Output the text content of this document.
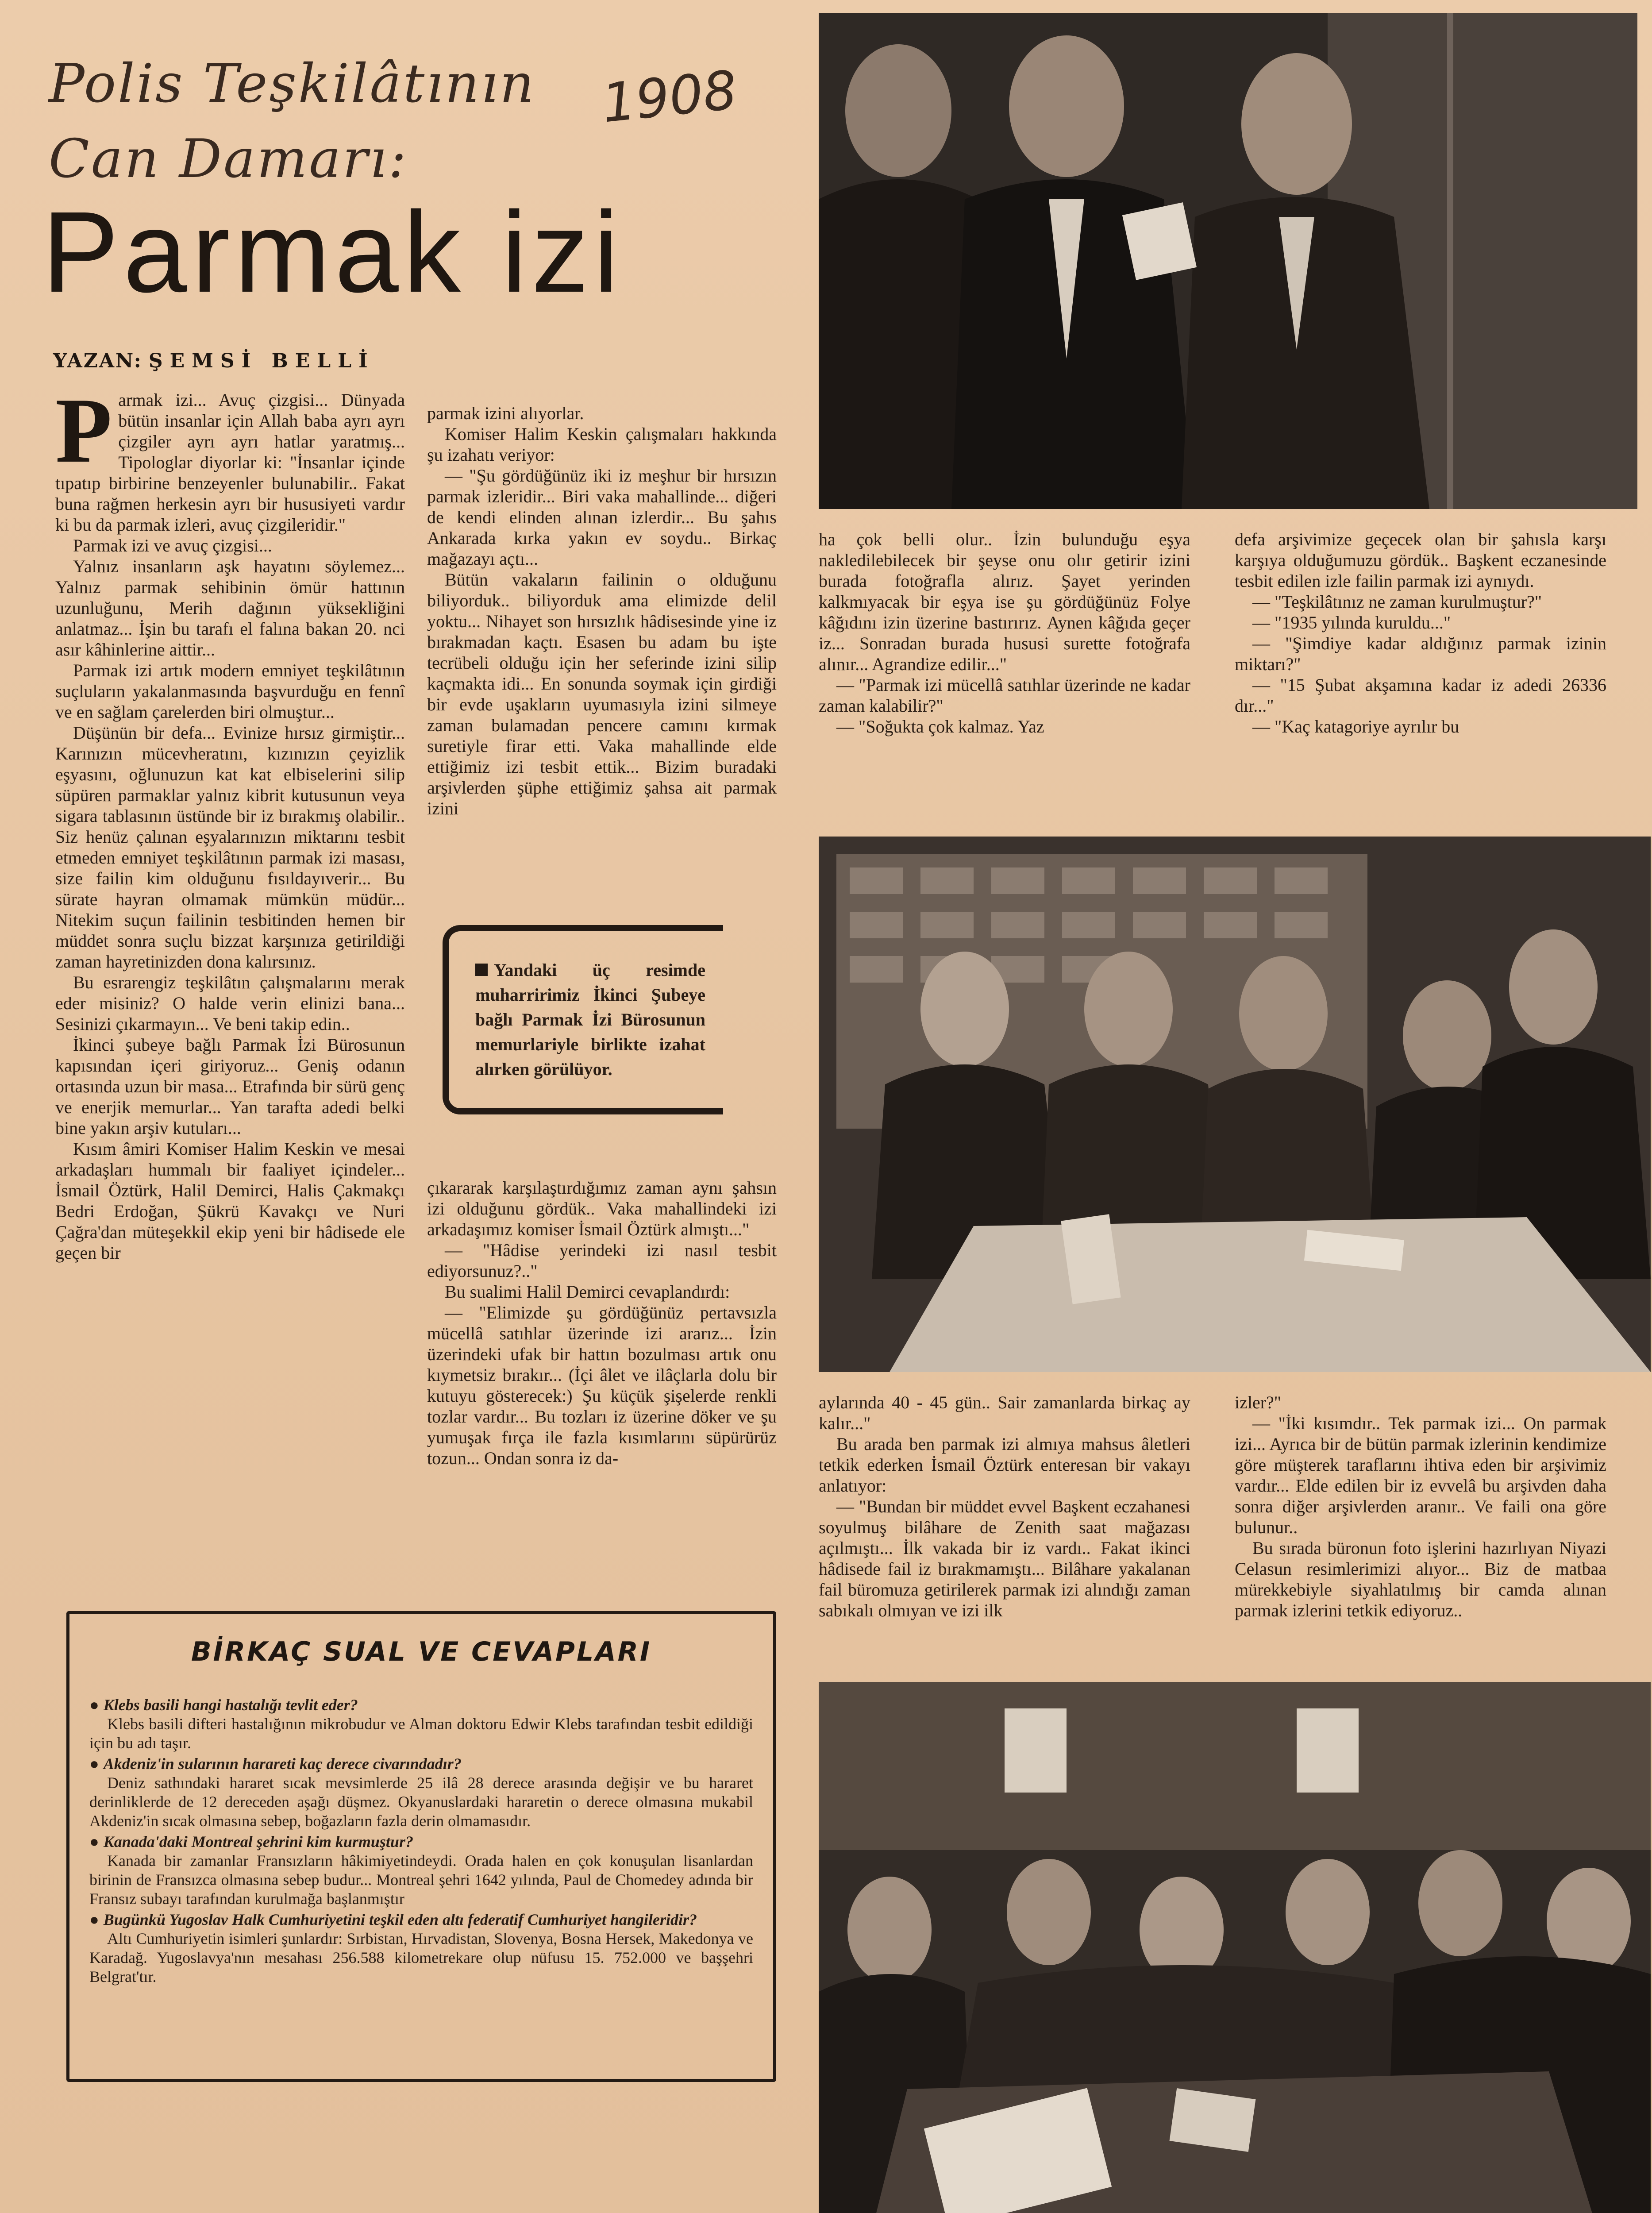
Polis Teşkilâtının
Can Damarı:
1908
Parmak izi
YAZAN: ŞEMSİ BELLİ

Parmak izi... Avuç çizgisi... Dünyada bütün insanlar için Allah baba ayrı ayrı çizgiler ayrı ayrı hatlar yaratmış... Tipologlar diyorlar ki: "İnsanlar içinde tıpatıp birbirine benzeyenler bulunabilir.. Fakat buna rağmen herkesin ayrı bir hususiyeti vardır ki bu da parmak izleri, avuç çizgileridir."

Parmak izi ve avuç çizgisi...

Yalnız insanların aşk hayatını söylemez... Yalnız parmak sehibinin ömür hattının uzunluğunu, Merih dağının yüksekliğini anlatmaz... İşin bu tarafı el falına bakan 20. nci asır kâhinlerine aittir...

Parmak izi artık modern emniyet teşkilâtının suçluların yakalanmasında başvurduğu en fennî ve en sağlam çarelerden biri olmuştur...

Düşünün bir defa... Evinize hırsız girmiştir... Karınızın mücevheratını, kızınızın çeyizlik eşyasını, oğlunuzun kat kat elbiselerini silip süpüren parmaklar yalnız kibrit kutusunun veya sigara tablasının üstünde bir iz bırakmış olabilir.. Siz henüz çalınan eşyalarınızın miktarını tesbit etmeden emniyet teşkilâtının parmak izi masası, size failin kim olduğunu fısıldayıverir... Bu sürate hayran olmamak mümkün müdür... Nitekim suçun failinin tesbitinden hemen bir müddet sonra suçlu bizzat karşınıza getirildiği zaman hayretinizden dona kalırsınız.

Bu esrarengiz teşkilâtın çalışmalarını merak eder misiniz? O halde verin elinizi bana... Sesinizi çıkarmayın... Ve beni takip edin..

İkinci şubeye bağlı Parmak İzi Bürosunun kapısından içeri giriyoruz... Geniş odanın ortasında uzun bir masa... Etrafında bir sürü genç ve enerjik memurlar... Yan tarafta adedi belki bine yakın arşiv kutuları...

Kısım âmiri Komiser Halim Keskin ve mesai arkadaşları hummalı bir faaliyet içindeler... İsmail Öztürk, Halil Demirci, Halis Çakmakçı Bedri Erdoğan, Şükrü Kavakçı ve Nuri Çağra'dan müteşekkil ekip yeni bir hâdisede ele geçen bir

parmak izini alıyorlar.

Komiser Halim Keskin çalışmaları hakkında şu izahatı veriyor:

— "Şu gördüğünüz iki iz meşhur bir hırsızın parmak izleridir... Biri vaka mahallinde... diğeri de kendi elinden alınan izlerdir... Bu şahıs Ankarada kırka yakın ev soydu.. Birkaç mağazayı açtı...

Bütün vakaların failinin o olduğunu biliyorduk.. biliyorduk ama elimizde delil yoktu... Nihayet son hırsızlık hâdisesinde yine iz bırakmadan kaçtı. Esasen bu adam bu işte tecrübeli olduğu için her seferinde izini silip kaçmakta idi... En sonunda soymak için girdiği bir evde uşakların uyumasıyla izini silmeye zaman bulamadan pencere camını kırmak suretiyle firar etti. Vaka mahallinde elde ettiğimiz izi tesbit ettik... Bizim buradaki arşivlerden şüphe ettiğimiz şahsa ait parmak izini

Yandaki üç resimde muharririmiz İkinci Şubeye bağlı Parmak İzi Bürosunun memurlariyle birlikte izahat alırken görülüyor.

çıkararak karşılaştırdığımız zaman aynı şahsın izi olduğunu gördük.. Vaka mahallindeki izi arkadaşımız komiser İsmail Öztürk almıştı..."

— "Hâdise yerindeki izi nasıl tesbit ediyorsunuz?.."

Bu sualimi Halil Demirci cevaplandırdı:

— "Elimizde şu gördüğünüz pertavsızla mücellâ satıhlar üzerinde izi ararız... İzin üzerindeki ufak bir hattın bozulması artık onu kıymetsiz bırakır... (İçi âlet ve ilâçlarla dolu bir kutuyu gösterecek:) Şu küçük şişelerde renkli tozlar vardır... Bu tozları iz üzerine döker ve şu yumuşak fırça ile fazla kısımlarını süpürürüz tozun... Ondan sonra iz da-

ha çok belli olur.. İzin bulunduğu eşya nakledilebilecek bir şeyse onu olır getirir izini burada fotoğrafla alırız. Şayet yerinden kalkmıyacak bir eşya ise şu gördüğünüz Folye kâğıdını izin üzerine bastırırız. Aynen kâğıda geçer iz... Sonradan burada hususi surette fotoğrafa alınır... Agrandize edilir..."

— "Parmak izi mücellâ satıhlar üzerinde ne kadar zaman kalabilir?"

— "Soğukta çok kalmaz. Yaz

defa arşivimize geçecek olan bir şahısla karşı karşıya olduğumuzu gördük.. Başkent eczanesinde tesbit edilen izle failin parmak izi aynıydı.

— "Teşkilâtınız ne zaman kurulmuştur?"

— "1935 yılında kuruldu..."

— "Şimdiye kadar aldığınız parmak izinin miktarı?"

— "15 Şubat akşamına kadar iz adedi 26336 dır..."

— "Kaç katagoriye ayrılır bu

aylarında 40 - 45 gün.. Sair zamanlarda birkaç ay kalır..."

Bu arada ben parmak izi almıya mahsus âletleri tetkik ederken İsmail Öztürk enteresan bir vakayı anlatıyor:

— "Bundan bir müddet evvel Başkent eczahanesi soyulmuş bilâhare de Zenith saat mağazası açılmıştı... İlk vakada bir iz vardı.. Fakat ikinci hâdisede fail iz bırakmamıştı... Bilâhare yakalanan fail büromuza getirilerek parmak izi alındığı zaman sabıkalı olmıyan ve izi ilk

izler?"

— "İki kısımdır.. Tek parmak izi... On parmak izi... Ayrıca bir de bütün parmak izlerinin kendimize göre müşterek taraflarını ihtiva eden bir arşivimiz vardır... Elde edilen bir iz evvelâ bu arşivden daha sonra diğer arşivlerden aranır.. Ve faili ona göre bulunur..

Bu sırada büronun foto işlerini hazırlıyan Niyazi Celasun resimlerimizi alıyor... Biz de matbaa mürekkebiyle siyahlatılmış bir camda alınan parmak izlerini tetkik ediyoruz..

BİRKAÇ SUAL VE CEVAPLARI

● Klebs basili hangi hastalığı tevlit eder?

Klebs basili difteri hastalığının mikrobudur ve Alman doktoru Edwir Klebs tarafından tesbit edildiği için bu adı taşır.

● Akdeniz'in sularının harareti kaç derece civarındadır?

Deniz sathındaki hararet sıcak mevsimlerde 25 ilâ 28 derece arasında değişir ve bu hararet derinliklerde de 12 dereceden aşağı düşmez. Okyanuslardaki hararetin o derece olmasına mukabil Akdeniz'in sıcak olmasına sebep, boğazların fazla derin olmamasıdır.

● Kanada'daki Montreal şehrini kim kurmuştur?

Kanada bir zamanlar Fransızların hâkimiyetindeydi. Orada halen en çok konuşulan lisanlardan birinin de Fransızca olmasına sebep budur... Montreal şehri 1642 yılında, Paul de Chomedey adında bir Fransız subayı tarafından kurulmağa başlanmıştır

● Bugünkü Yugoslav Halk Cumhuriyetini teşkil eden altı federatif Cumhuriyet hangileridir?

Altı Cumhuriyetin isimleri şunlardır: Sırbistan, Hırvadistan, Slovenya, Bosna Hersek, Makedonya ve Karadağ. Yugoslavya'nın mesahası 256.588 kilometrekare olup nüfusu 15. 752.000 ve başşehri Belgrat'tır.
